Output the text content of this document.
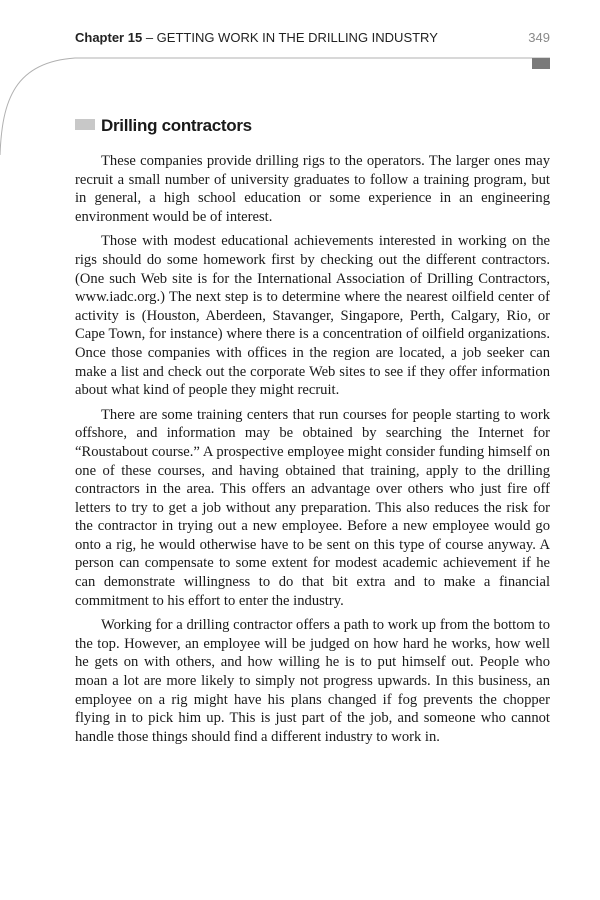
Chapter 15 – GETTING WORK IN THE DRILLING INDUSTRY	349
Drilling contractors

These companies provide drilling rigs to the operators. The larger ones may recruit a small number of university graduates to follow a training program, but in general, a high school education or some experience in an engineering environment would be of interest.

Those with modest educational achievements interested in working on the rigs should do some homework first by checking out the different contractors. (One such Web site is for the International Association of Drilling Contractors, www.iadc.org.) The next step is to determine where the nearest oilfield center of activity is (Houston, Aberdeen, Stavanger, Singapore, Perth, Calgary, Rio, or Cape Town, for instance) where there is a concentration of oilfield organizations. Once those companies with offices in the region are located, a job seeker can make a list and check out the corporate Web sites to see if they offer information about what kind of people they might recruit.

There are some training centers that run courses for people starting to work offshore, and information may be obtained by searching the Internet for “Roustabout course.” A prospective employee might consider funding himself on one of these courses, and having obtained that training, apply to the drilling contractors in the area. This offers an advantage over others who just fire off letters to try to get a job without any preparation. This also reduces the risk for the contractor in trying out a new employee. Before a new employee would go onto a rig, he would otherwise have to be sent on this type of course anyway. A person can compensate to some extent for modest academic achievement if he can demonstrate willingness to do that bit extra and to make a financial commitment to his effort to enter the industry.

Working for a drilling contractor offers a path to work up from the bottom to the top. However, an employee will be judged on how hard he works, how well he gets on with others, and how willing he is to put himself out. People who moan a lot are more likely to simply not progress upwards. In this business, an employee on a rig might have his plans changed if fog prevents the chopper flying in to pick him up. This is just part of the job, and someone who cannot handle those things should find a different industry to work in.
